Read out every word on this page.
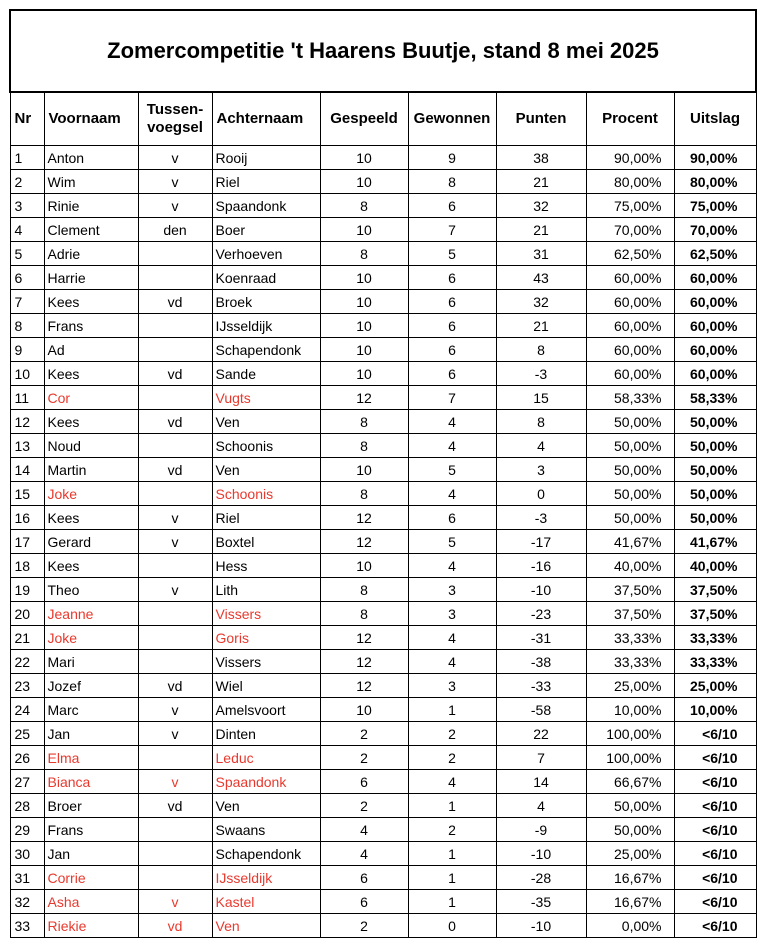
Zomercompetitie 't Haarens Buutje, stand 8 mei 2025								
Nr	Voornaam	Tussen-
voegsel	Achternaam	Gespeeld	Gewonnen	Punten	Procent	Uitslag
1	Anton	v	Rooij	10	9	38	90,00%	90,00%
2	Wim	v	Riel	10	8	21	80,00%	80,00%
3	Rinie	v	Spaandonk	8	6	32	75,00%	75,00%
4	Clement	den	Boer	10	7	21	70,00%	70,00%
5	Adrie		Verhoeven	8	5	31	62,50%	62,50%
6	Harrie		Koenraad	10	6	43	60,00%	60,00%
7	Kees	vd	Broek	10	6	32	60,00%	60,00%
8	Frans		IJsseldijk	10	6	21	60,00%	60,00%
9	Ad		Schapendonk	10	6	8	60,00%	60,00%
10	Kees	vd	Sande	10	6	-3	60,00%	60,00%
11	Cor		Vugts	12	7	15	58,33%	58,33%
12	Kees	vd	Ven	8	4	8	50,00%	50,00%
13	Noud		Schoonis	8	4	4	50,00%	50,00%
14	Martin	vd	Ven	10	5	3	50,00%	50,00%
15	Joke		Schoonis	8	4	0	50,00%	50,00%
16	Kees	v	Riel	12	6	-3	50,00%	50,00%
17	Gerard	v	Boxtel	12	5	-17	41,67%	41,67%
18	Kees		Hess	10	4	-16	40,00%	40,00%
19	Theo	v	Lith	8	3	-10	37,50%	37,50%
20	Jeanne		Vissers	8	3	-23	37,50%	37,50%
21	Joke		Goris	12	4	-31	33,33%	33,33%
22	Mari		Vissers	12	4	-38	33,33%	33,33%
23	Jozef	vd	Wiel	12	3	-33	25,00%	25,00%
24	Marc	v	Amelsvoort	10	1	-58	10,00%	10,00%
25	Jan	v	Dinten	2	2	22	100,00%	<6/10
26	Elma		Leduc	2	2	7	100,00%	<6/10
27	Bianca	v	Spaandonk	6	4	14	66,67%	<6/10
28	Broer	vd	Ven	2	1	4	50,00%	<6/10
29	Frans		Swaans	4	2	-9	50,00%	<6/10
30	Jan		Schapendonk	4	1	-10	25,00%	<6/10
31	Corrie		IJsseldijk	6	1	-28	16,67%	<6/10
32	Asha	v	Kastel	6	1	-35	16,67%	<6/10
33	Riekie	vd	Ven	2	0	-10	0,00%	<6/10
